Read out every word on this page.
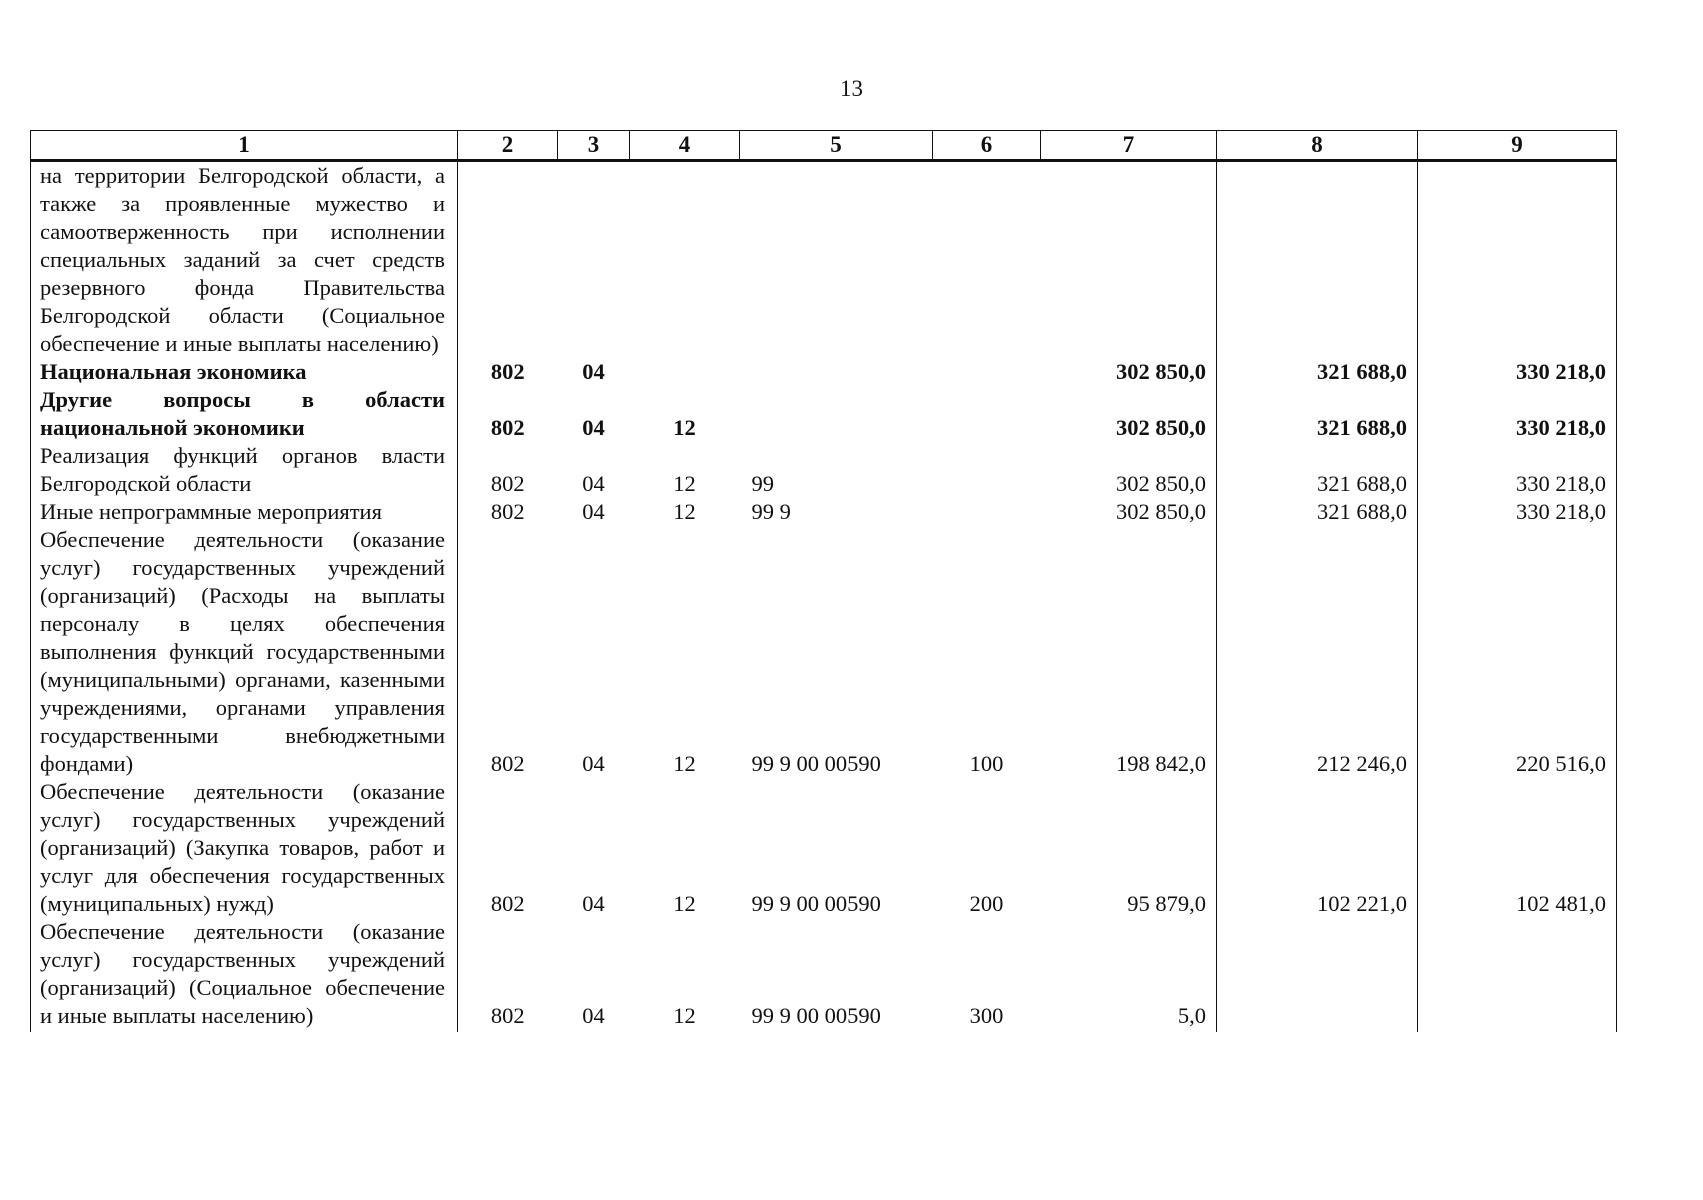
13
1	2	3	4	5	6	7	8	9
на территории Белгородской области, а также за проявленные мужество и самоотверженность при исполнении специальных заданий за счет средств резервного фонда Правительства Белгородской области (Социальное обеспечение и иные выплаты населению)								
Национальная экономика	802	04				302 850,0	321 688,0	330 218,0
Другие вопросы в области национальной экономики	802	04	12			302 850,0	321 688,0	330 218,0
Реализация функций органов власти Белгородской области	802	04	12	99		302 850,0	321 688,0	330 218,0
Иные непрограммные мероприятия	802	04	12	99 9		302 850,0	321 688,0	330 218,0
Обеспечение деятельности (оказание услуг) государственных учреждений (организаций) (Расходы на выплаты персоналу в целях обеспечения выполнения функций государственными (муниципальными) органами, казенными учреждениями, органами управления государственными внебюджетными фондами)	802	04	12	99 9 00 00590	100	198 842,0	212 246,0	220 516,0
Обеспечение деятельности (оказание услуг) государственных учреждений (организаций) (Закупка товаров, работ и услуг для обеспечения государственных (муниципальных) нужд)	802	04	12	99 9 00 00590	200	95 879,0	102 221,0	102 481,0
Обеспечение деятельности (оказание услуг) государственных учреждений (организаций) (Социальное обеспечение и иные выплаты населению)	802	04	12	99 9 00 00590	300	5,0		
